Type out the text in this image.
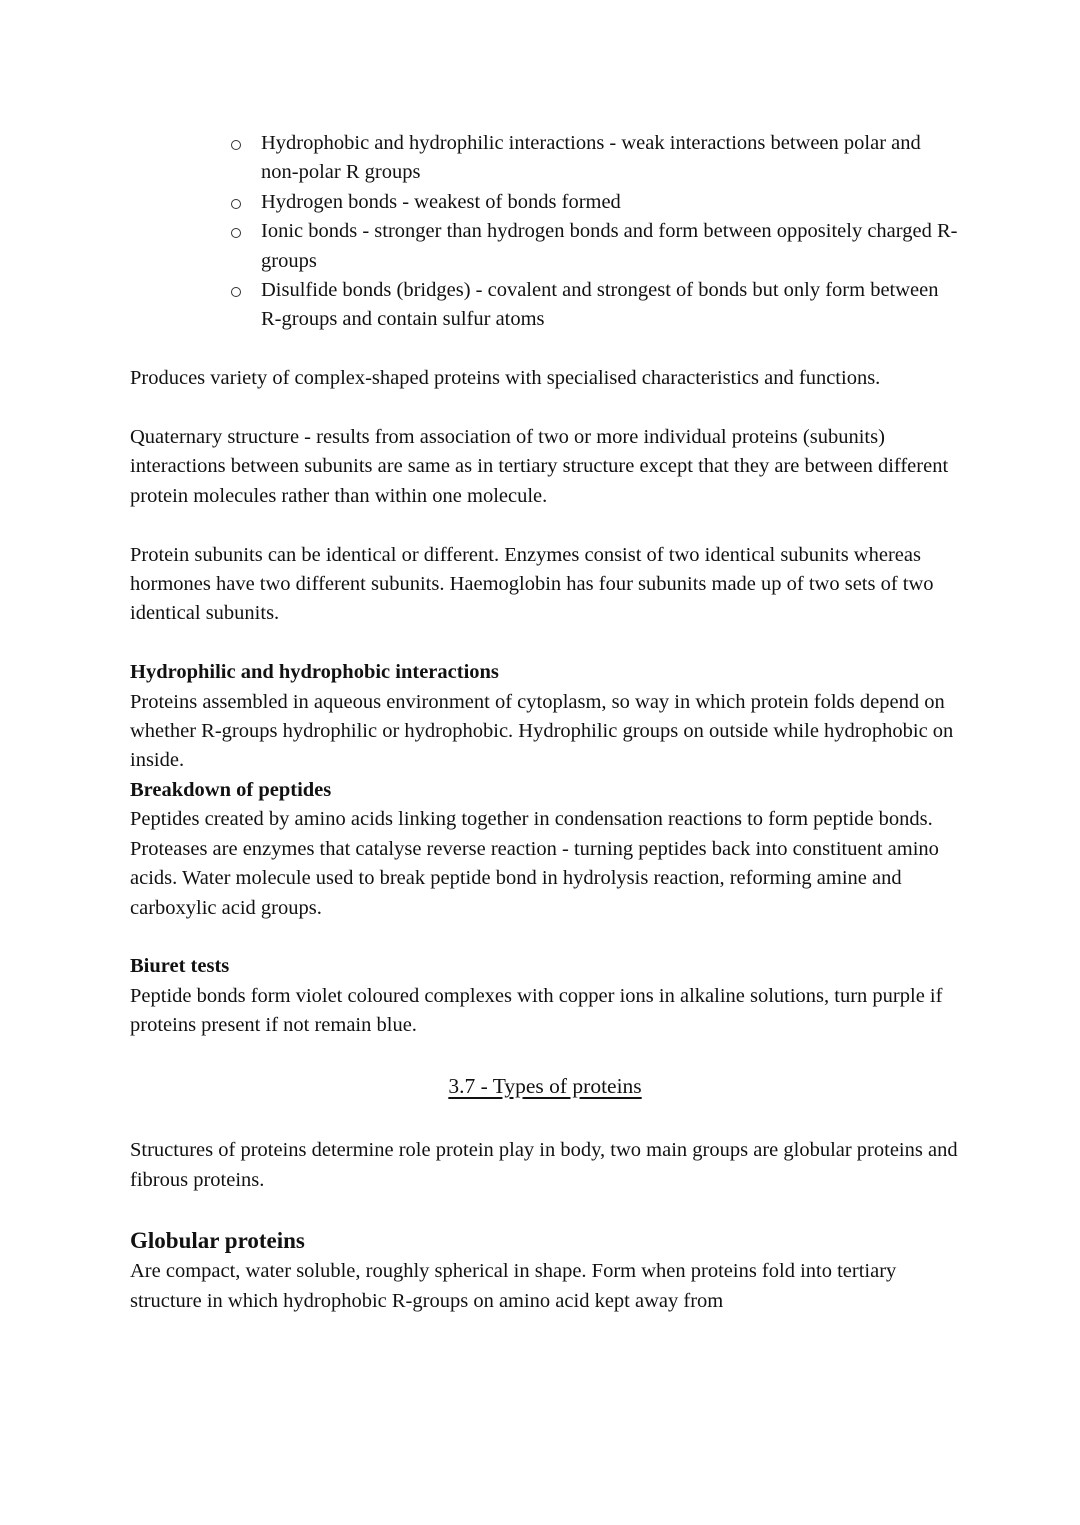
Hydrophobic and hydrophilic interactions - weak interactions between polar and non-polar R groups
Hydrogen bonds - weakest of bonds formed
Ionic bonds - stronger than hydrogen bonds and form between oppositely charged R-groups
Disulfide bonds (bridges) - covalent and strongest of bonds but only form between R-groups and contain sulfur atoms

Produces variety of complex-shaped proteins with specialised characteristics and functions.

Quaternary structure - results from association of two or more individual proteins (subunits) interactions between subunits are same as in tertiary structure except that they are between different protein molecules rather than within one molecule.

Protein subunits can be identical or different. Enzymes consist of two identical subunits whereas hormones have two different subunits. Haemoglobin has four subunits made up of two sets of two identical subunits.

Hydrophilic and hydrophobic interactions

Proteins assembled in aqueous environment of cytoplasm, so way in which protein folds depend on whether R-groups hydrophilic or hydrophobic. Hydrophilic groups on outside while hydrophobic on inside.

Breakdown of peptides

Peptides created by amino acids linking together in condensation reactions to form peptide bonds. Proteases are enzymes that catalyse reverse reaction - turning peptides back into constituent amino acids. Water molecule used to break peptide bond in hydrolysis reaction, reforming amine and carboxylic acid groups.

Biuret tests

Peptide bonds form violet coloured complexes with copper ions in alkaline solutions, turn purple if proteins present if not remain blue.

3.7 - Types of proteins

Structures of proteins determine role protein play in body, two main groups are globular proteins and fibrous proteins.

Globular proteins

Are compact, water soluble, roughly spherical in shape. Form when proteins fold into tertiary structure in which hydrophobic R-groups on amino acid kept away from
